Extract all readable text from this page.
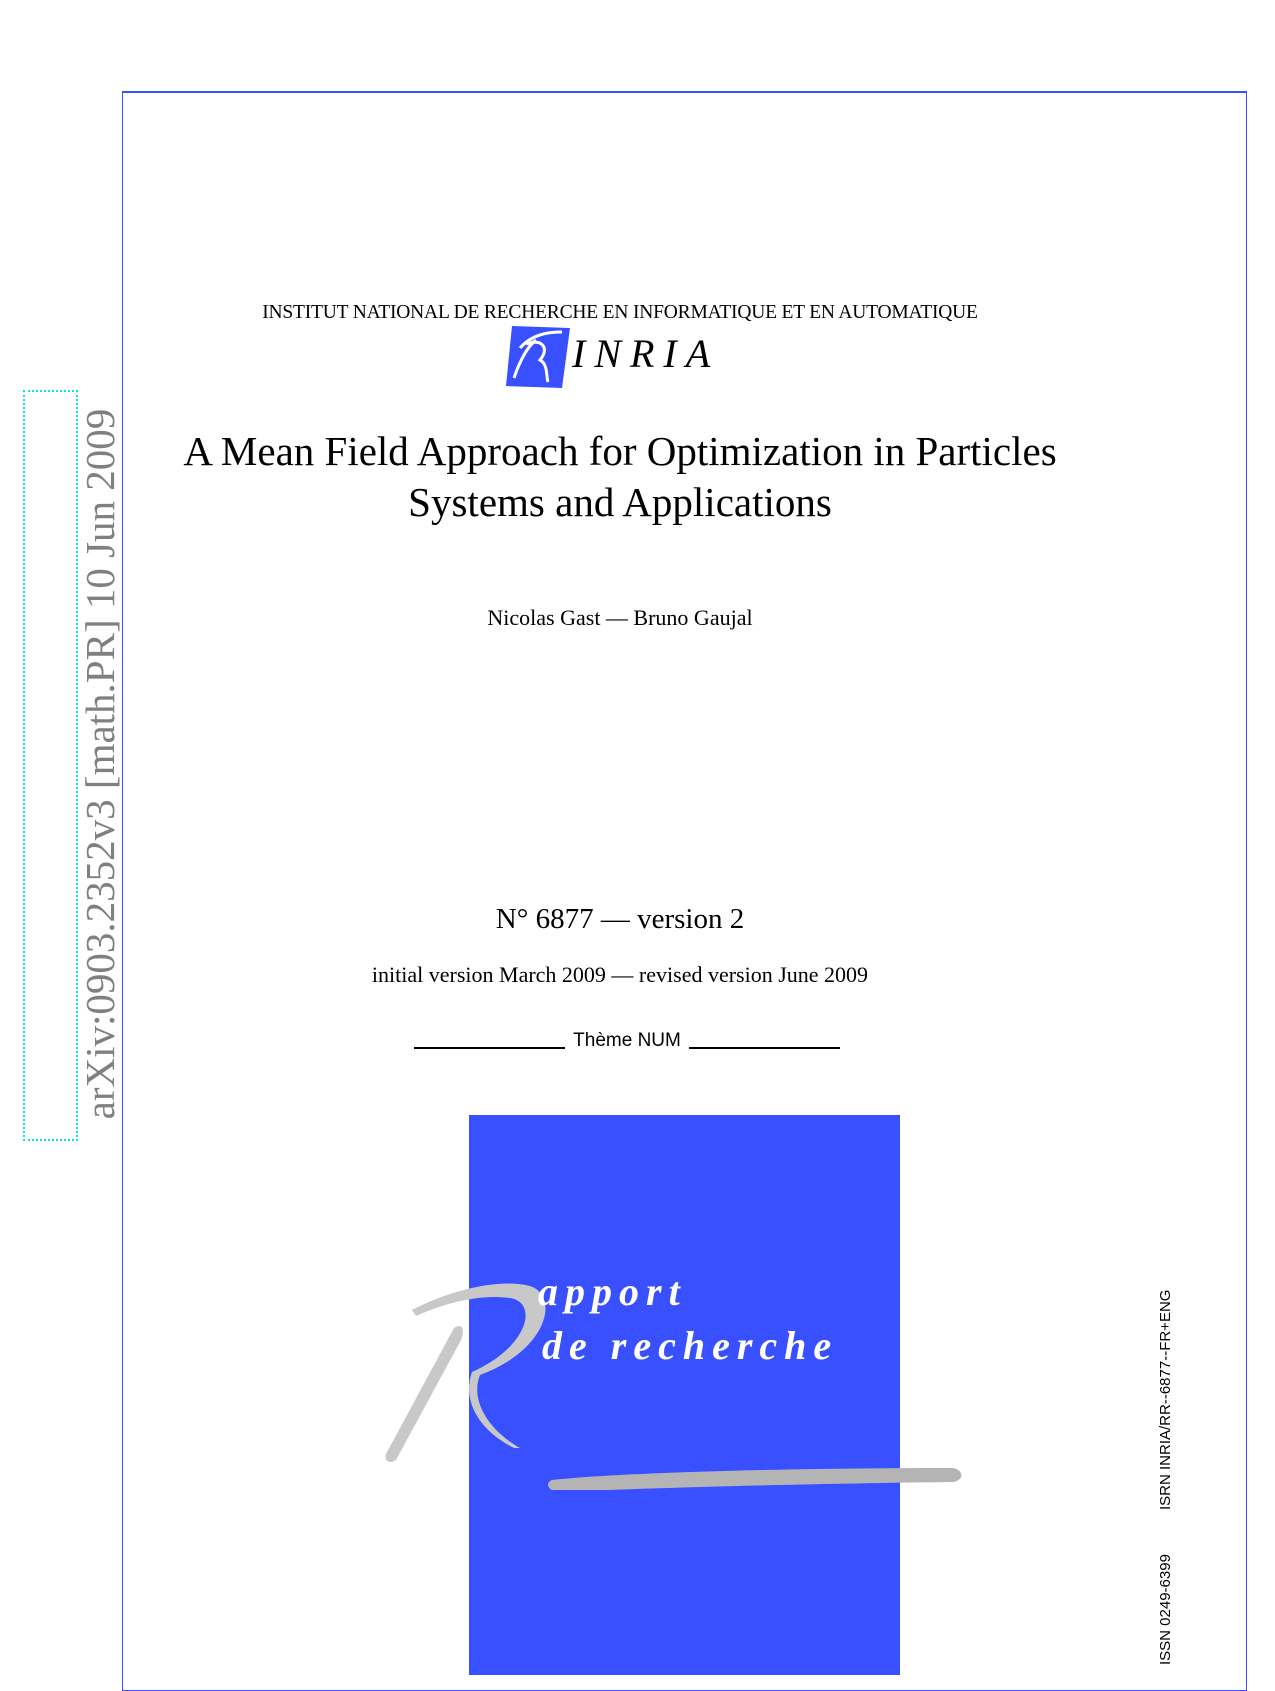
INSTITUT NATIONAL DE RECHERCHE EN INFORMATIQUE ET EN AUTOMATIQUE
INRIA
A Mean Field Approach for Optimization in Particles
Systems and Applications
Nicolas Gast — Bruno Gaujal
N° 6877 — version 2
initial version March 2009 — revised version June 2009
Thème NUM
apport
de recherche	ISRN INRIA/RR--6877--FR+ENG
ISSN 0249-6399
arXiv:0903.2352v3 [math.PR] 10 Jun 2009
